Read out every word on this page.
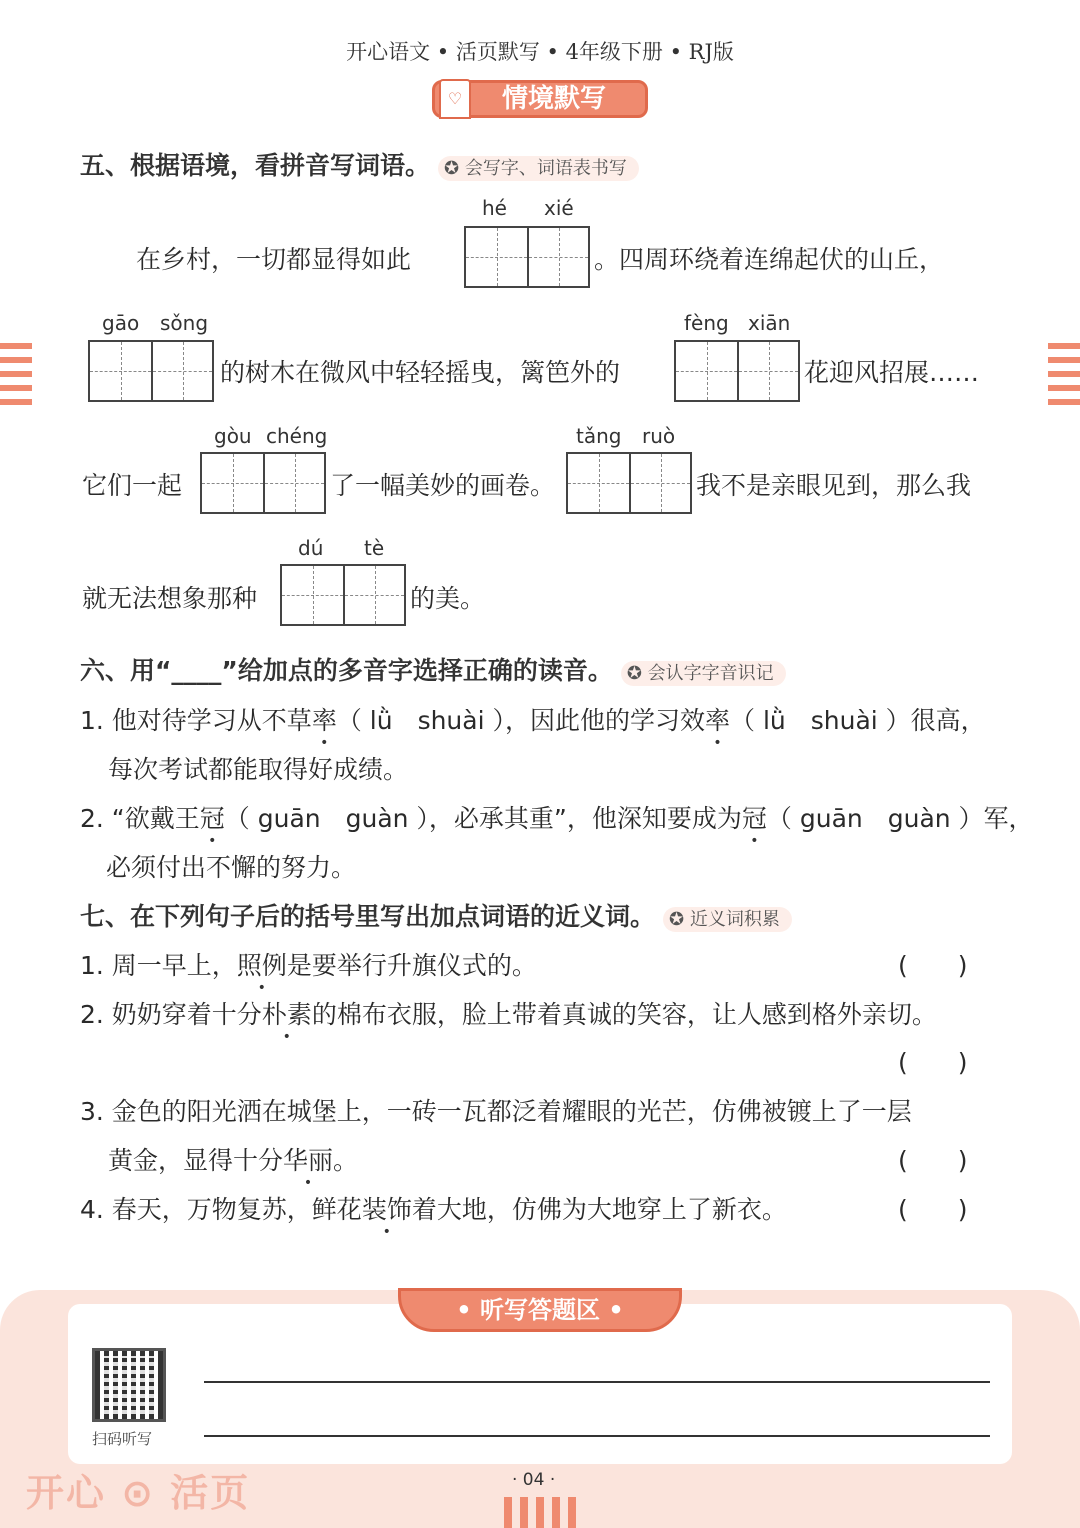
开心语文 • 活页默写 • 4年级下册 • RJ版
♡	情境默写
五、根据语境，看拼音写词语。 ✪ 会写字、词语表书写
hé xié
在乡村，一切都显得如此	。四周环绕着连绵起伏的山丘，
gāo sǒng
的树木在微风中轻轻摇曳，篱笆外的
fèng xiān
花迎风招展……
它们一起
gòu chéng
了一幅美妙的画卷。
tǎng ruò
我不是亲眼见到，那么我
就无法想象那种
dú tè
的美。
六、用“____”给加点的多音字选择正确的读音。 ✪ 会认字字音识记
1. 他对待学习从不草率（ lǜ　shuài ），因此他的学习效率（ lǜ　shuài ）很高，
每次考试都能取得好成绩。
2. “欲戴王冠（ guān　guàn ），必承其重”，他深知要成为冠（ guān　guàn ）军，
必须付出不懈的努力。
七、在下列句子后的括号里写出加点词语的近义词。 ✪ 近义词积累
1. 周一早上，照例是要举行升旗仪式的。	(　　)
2. 奶奶穿着十分朴素的棉布衣服，脸上带着真诚的笑容，让人感到格外亲切。
(　　)
3. 金色的阳光洒在城堡上，一砖一瓦都泛着耀眼的光芒，仿佛被镀上了一层
黄金，显得十分华丽。	(　　)
4. 春天，万物复苏，鲜花装饰着大地，仿佛为大地穿上了新衣。	(　　)
• 听写答题区 •
扫码听写
开心 ⊙ 活页	· 04 ·
